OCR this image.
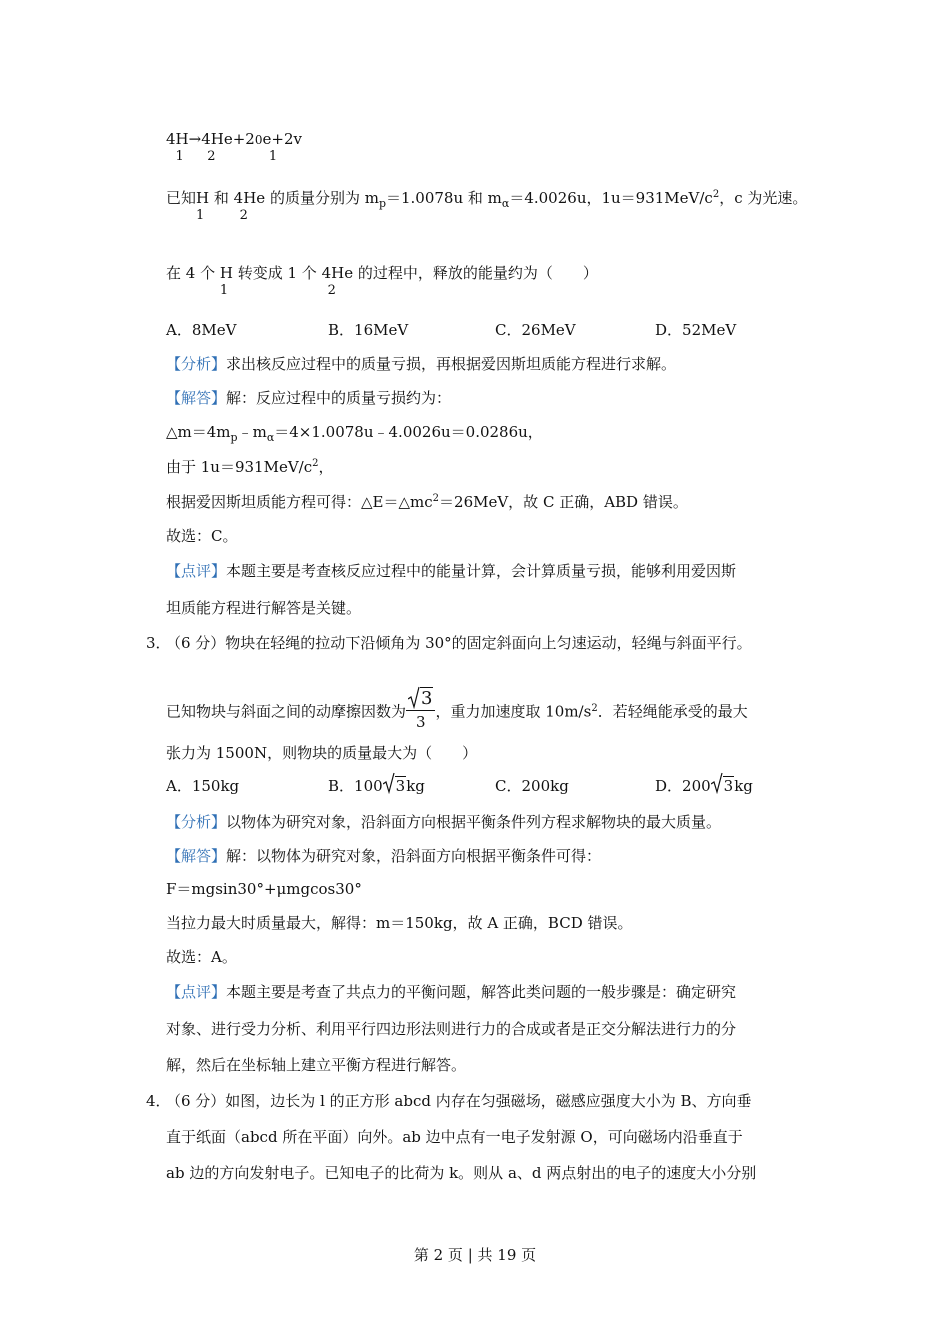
4H
1
→4He
2
+20e
1
+2v
已知H
1
和 4He
2
的质量分别为 $m_p=1.0078u$ 和 $m_\alpha=4.0026u$，$1u=931MeV/c^2$，c 为光速。
在 4 个 H
1
转变成 1 个 4He
2
的过程中，释放的能量约为（　　）
A．8MeV	B．16MeV	C．26MeV	D．52MeV
【分析】求出核反应过程中的质量亏损，再根据爱因斯坦质能方程进行求解。
【解答】解：反应过程中的质量亏损约为：
$\triangle m=4m_p﹣m_\alpha=4\times 1.0078u﹣4.0026u=0.0286u$，
由于 $1u=931MeV/c^2$，
根据爱因斯坦质能方程可得：$\triangle E=\triangle mc^2=26MeV$，故 C 正确，ABD 错误。
故选：C。
【点评】本题主要是考查核反应过程中的能量计算，会计算质量亏损，能够利用爱因斯
坦质能方程进行解答是关键。
3．
（6 分）物块在轻绳的拉动下沿倾角为 30°的固定斜面向上匀速运动，轻绳与斜面平行。
已知物块与斜面之间的动摩擦因数为 $\frac{3}{3}$ ，重力加速度取 $10m/s^2$．若轻绳能承受的最大
张力为 1500N，则物块的质量最大为（　　）
A．150kg	B．100 3kg	C．200kg	D．200 3kg
【分析】以物体为研究对象，沿斜面方向根据平衡条件列方程求解物块的最大质量。
【解答】解：以物体为研究对象，沿斜面方向根据平衡条件可得：
F＝mgsin30°+μmgcos30°
当拉力最大时质量最大，解得：m＝150kg，故 A 正确，BCD 错误。
故选：A。
【点评】本题主要是考查了共点力的平衡问题，解答此类问题的一般步骤是：确定研究
对象、进行受力分析、利用平行四边形法则进行力的合成或者是正交分解法进行力的分
解，然后在坐标轴上建立平衡方程进行解答。
4．
（6 分）如图，边长为 l 的正方形 abcd 内存在匀强磁场，磁感应强度大小为 B、方向垂
直于纸面（abcd 所在平面）向外。ab 边中点有一电子发射源 O，可向磁场内沿垂直于
ab 边的方向发射电子。已知电子的比荷为 k。则从 a、d 两点射出的电子的速度大小分别
第 2 页 | 共 19 页
